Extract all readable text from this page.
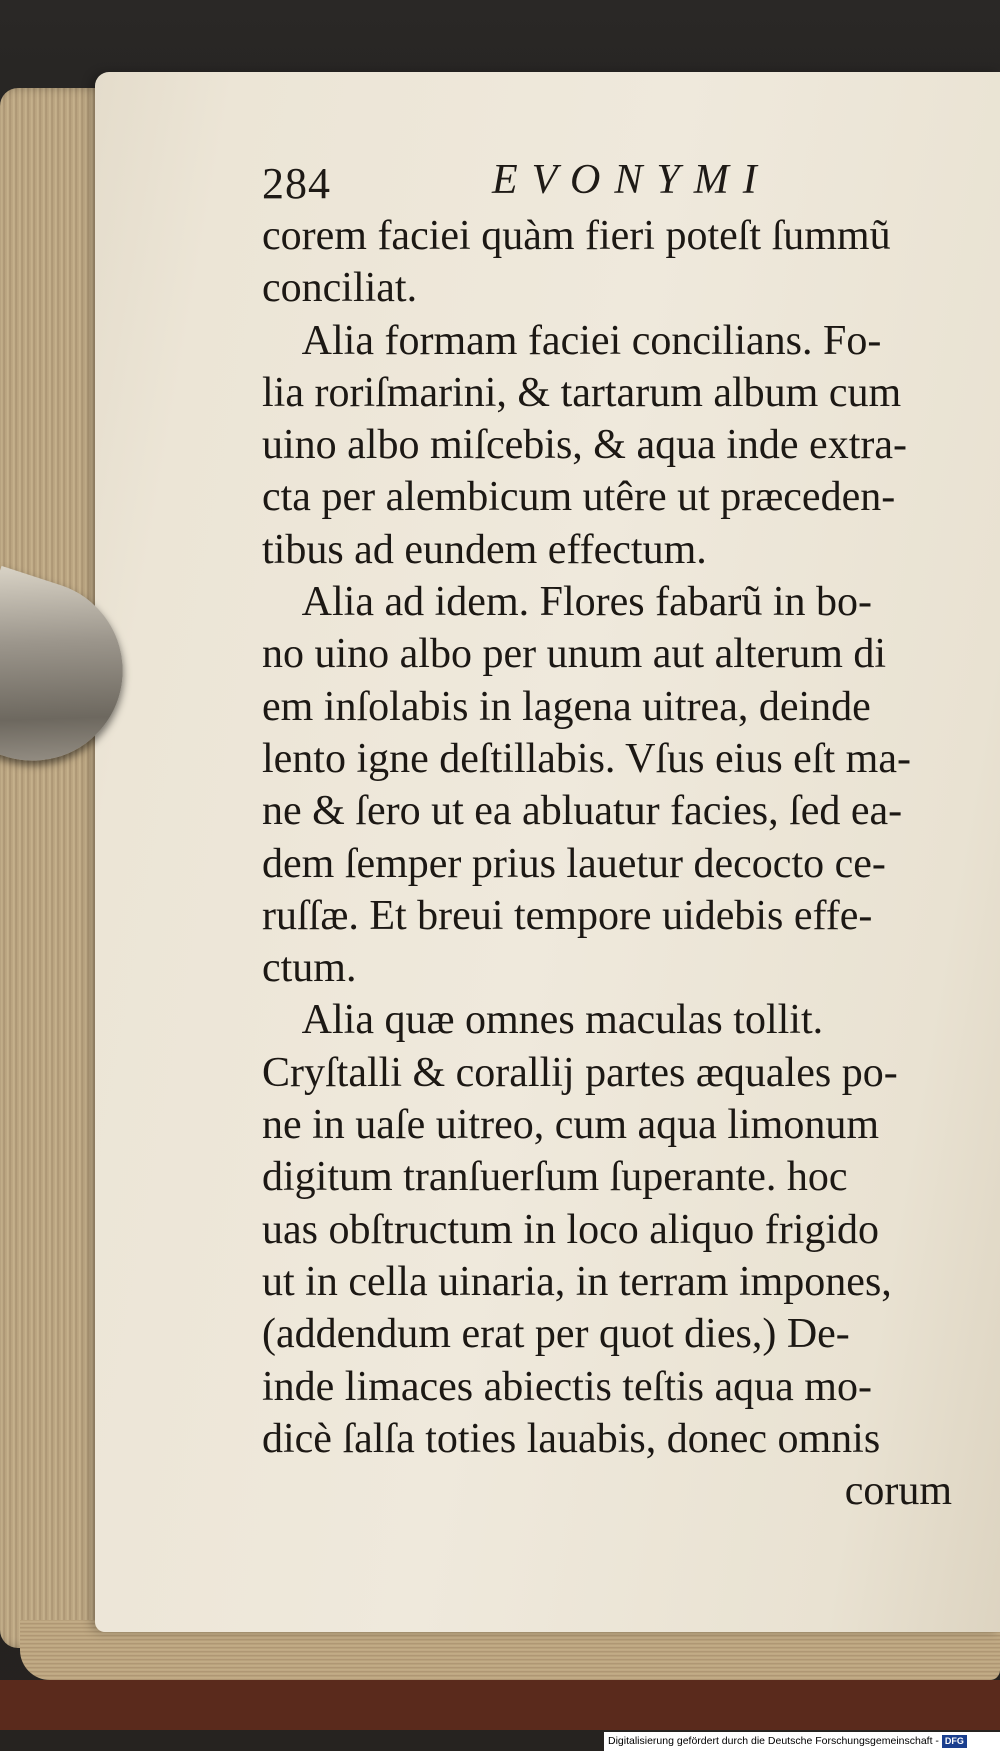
284	EVONYMI
corem faciei quàm fieri poteſt ſummũ
conciliat.
Alia formam faciei concilians. Fo-
lia roriſmarini, & tartarum album cum
uino albo miſcebis, & aqua inde extra-
cta per alembicum utêre ut præceden-
tibus ad eundem effectum.
Alia ad idem. Flores fabarũ in bo-
no uino albo per unum aut alterum di
em inſolabis in lagena uitrea, deinde
lento igne deſtillabis. Vſus eius eſt ma-
ne & ſero ut ea abluatur facies, ſed ea-
dem ſemper prius lauetur decocto ce-
ruſſæ. Et breui tempore uidebis effe-
ctum.
Alia quæ omnes maculas tollit.
Cryſtalli & corallij partes æquales po-
ne in uaſe uitreo, cum aqua limonum
digitum tranſuerſum ſuperante. hoc
uas obſtructum in loco aliquo frigido
ut in cella uinaria, in terram impones,
(addendum erat per quot dies,) De-
inde limaces abiectis teſtis aqua mo-
dicè ſalſa toties lauabis, donec omnis
corum
Digitalisierung gefördert durch die Deutsche Forschungsgemeinschaft - DFG
